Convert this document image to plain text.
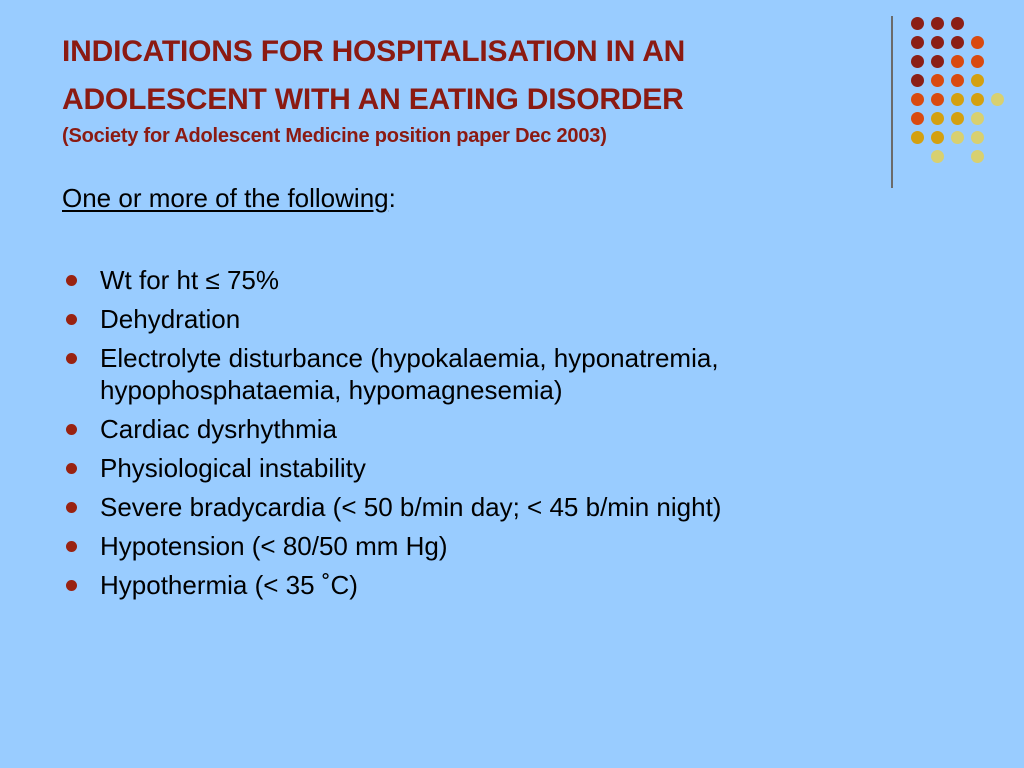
INDICATIONS FOR HOSPITALISATION IN AN
ADOLESCENT WITH AN EATING DISORDER
(Society for Adolescent Medicine position paper Dec 2003)
One or more of the following:
Wt for ht ≤ 75%
Dehydration
Electrolyte disturbance (hypokalaemia, hyponatremia, hypophosphataemia, hypomagnesemia)
Cardiac dysrhythmia
Physiological instability
Severe bradycardia (< 50 b/min day; < 45 b/min night)
Hypotension (< 80/50 mm Hg)
Hypothermia (< 35 ˚C)
